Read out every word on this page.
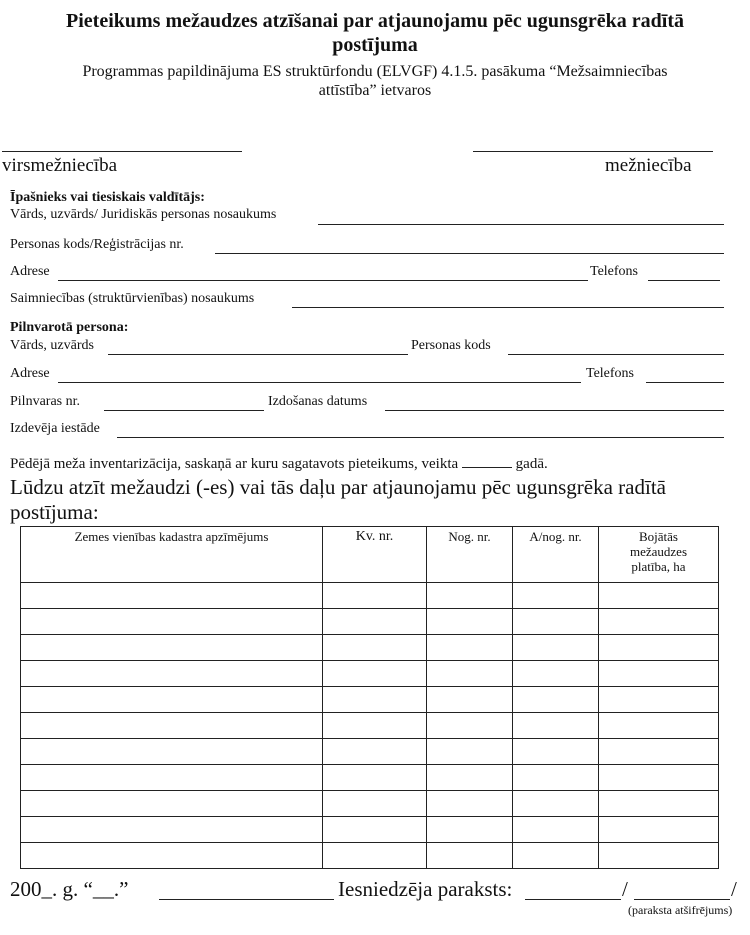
Pieteikums mežaudzes atzīšanai par atjaunojamu pēc ugunsgrēka radītā
postījuma
Programmas papildinājuma ES struktūrfondu (ELVGF) 4.1.5. pasākuma “Mežsaimniecības
attīstība” ietvaros
virsmežniecība	mežniecība
Īpašnieks vai tiesiskais valdītājs:
Vārds, uzvārds/ Juridiskās personas nosaukums
Personas kods/Reģistrācijas nr.
Adrese	Telefons
Saimniecības (struktūrvienības) nosaukums
Pilnvarotā persona:
Vārds, uzvārds	Personas kods
Adrese	Telefons
Pilnvaras nr.	Izdošanas datums
Izdevēja iestāde
Pēdējā meža inventarizācija, saskaņā ar kuru sagatavots pieteikums, veikta	gadā.
Lūdzu atzīt mežaudzi (-es) vai tās daļu par atjaunojamu pēc ugunsgrēka radītā
postījuma:
Zemes vienības kadastra apzīmējums	Kv. nr.	Nog. nr.	A/nog. nr.	Bojātās
mežaudzes
platība, ha

200_. g. “__.”	Iesniedzēja paraksts:	/	/
(paraksta atšifrējums)
